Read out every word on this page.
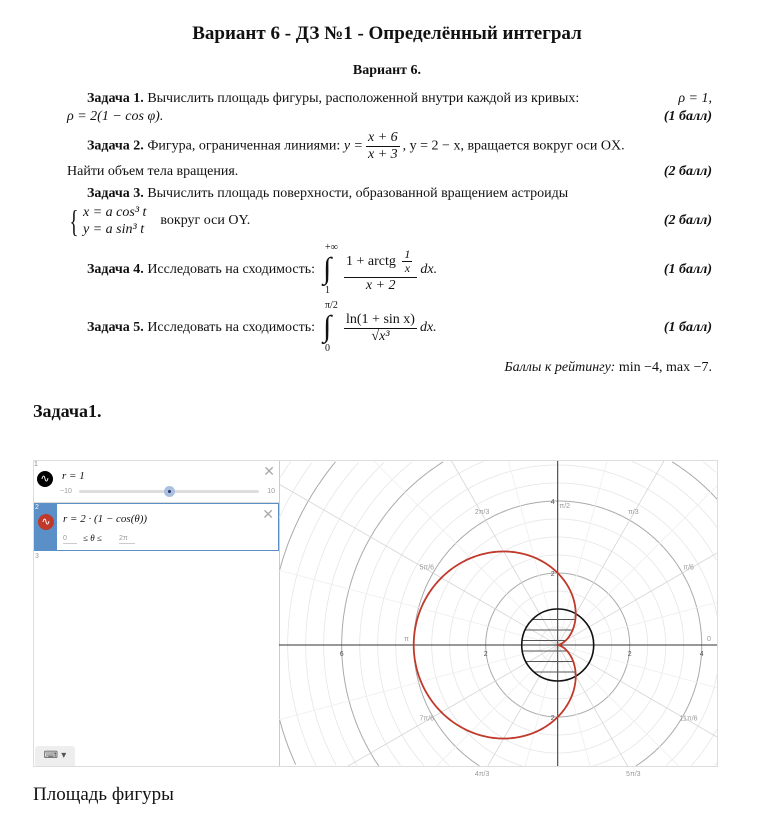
Вариант 6 - ДЗ №1 - Определённый интеграл
Вариант 6.
Задача 1. Вычислить площадь фигуры, расположенной внутри каждой из кривых:	ρ = 1,
ρ = 2(1 − cos φ).	(1 балл)
Задача 2. Фигура, ограниченная линиями: $y = \frac{x + 6}{x + 3}$ , y = 2 − x, вращается вокруг оси OX.
Найти объем тела вращения.	(2 балл)
Задача 3. Вычислить площадь поверхности, образованной вращением астроиды
{ x = a cos³ t
y = a sin³ t
вокруг оси OY.	(2 балл)
Задача 4. Исследовать на сходимость:
+∞
∫
$1 \frac{1 + arctg \frac{1}{x}}{x + 2}$ dx.	(1 балл)
Задача 5. Исследовать на сходимость:
π/2
∫
0
$\frac{\text{ln(1 + sin x)}}{\text{√x³}}$ dx.	(1 балл)
Баллы к рейтингу: min −4, max −7.
Задача1.
1
∿	r = 1	✕
−10	10
2
∿	r = 2 · (1 − cos(θ))	✕
0	≤ θ ≤ 2π
3
⌨ ▾
6	2	2	4
4
2
2
0
π/6
π/3
π/2
2π/3
5π/6
π
7π/6
4π/3	5π/3
11π/6
Площадь фигуры
